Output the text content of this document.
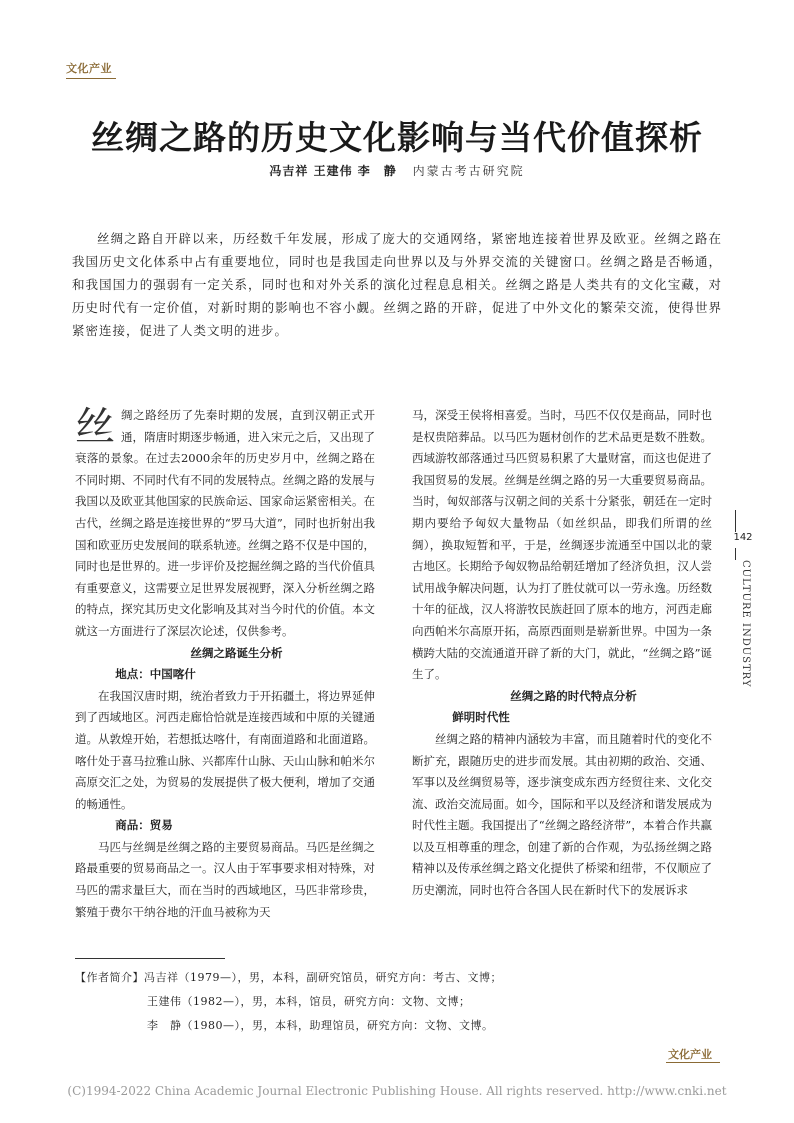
文化产业
丝绸之路的历史文化影响与当代价值探析
冯吉祥 王建伟 李　静 内蒙古考古研究院
丝绸之路自开辟以来，历经数千年发展，形成了庞大的交通网络，紧密地连接着世界及欧亚。丝绸之路在我国历史文化体系中占有重要地位，同时也是我国走向世界以及与外界交流的关键窗口。丝绸之路是否畅通，和我国国力的强弱有一定关系，同时也和对外关系的演化过程息息相关。丝绸之路是人类共有的文化宝藏，对历史时代有一定价值，对新时期的影响也不容小觑。丝绸之路的开辟，促进了中外文化的繁荣交流，使得世界紧密连接，促进了人类文明的进步。

丝 绸之路经历了先秦时期的发展，直到汉朝正式开通，隋唐时期逐步畅通，进入宋元之后，又出现了衰落的景象。在过去2000余年的历史岁月中，丝绸之路在不同时期、不同时代有不同的发展特点。丝绸之路的发展与我国以及欧亚其他国家的民族命运、国家命运紧密相关。在古代，丝绸之路是连接世界的“罗马大道”，同时也折射出我国和欧亚历史发展间的联系轨迹。丝绸之路不仅是中国的，同时也是世界的。进一步评价及挖掘丝绸之路的当代价值具有重要意义，这需要立足世界发展视野，深入分析丝绸之路的特点，探究其历史文化影响及其对当今时代的价值。本文就这一方面进行了深层次论述，仅供参考。

丝绸之路诞生分析

地点：中国喀什

在我国汉唐时期，统治者致力于开拓疆土，将边界延伸到了西域地区。河西走廊恰恰就是连接西域和中原的关键通道。从敦煌开始，若想抵达喀什，有南面道路和北面道路。喀什处于喜马拉雅山脉、兴都库什山脉、天山山脉和帕米尔高原交汇之处，为贸易的发展提供了极大便利，增加了交通的畅通性。

商品：贸易

马匹与丝绸是丝绸之路的主要贸易商品。马匹是丝绸之路最重要的贸易商品之一。汉人由于军事要求相对特殊，对马匹的需求量巨大，而在当时的西域地区，马匹非常珍贵，繁殖于费尔干纳谷地的汗血马被称为天

马，深受王侯将相喜爱。当时，马匹不仅仅是商品，同时也是权贵陪葬品。以马匹为题材创作的艺术品更是数不胜数。西域游牧部落通过马匹贸易积累了大量财富，而这也促进了我国贸易的发展。丝绸是丝绸之路的另一大重要贸易商品。当时，匈奴部落与汉朝之间的关系十分紧张，朝廷在一定时期内要给予匈奴大量物品（如丝织品，即我们所谓的丝绸），换取短暂和平，于是，丝绸逐步流通至中国以北的蒙古地区。长期给予匈奴物品给朝廷增加了经济负担，汉人尝试用战争解决问题，认为打了胜仗就可以一劳永逸。历经数十年的征战，汉人将游牧民族赶回了原本的地方，河西走廊向西帕米尔高原开拓，高原西面则是崭新世界。中国为一条横跨大陆的交流通道开辟了新的大门，就此，“丝绸之路”诞生了。

丝绸之路的时代特点分析

鲜明时代性

丝绸之路的精神内涵较为丰富，而且随着时代的变化不断扩充，跟随历史的进步而发展。其由初期的政治、交通、军事以及丝绸贸易等，逐步演变成东西方经贸往来、文化交流、政治交流局面。如今，国际和平以及经济和谐发展成为时代性主题。我国提出了“丝绸之路经济带”，本着合作共赢以及互相尊重的理念，创建了新的合作观，为弘扬丝绸之路精神以及传承丝绸之路文化提供了桥梁和纽带，不仅顺应了历史潮流，同时也符合各国人民在新时代下的发展诉求

142
CULTURE INDUSTRY
【作者简介】冯吉祥（1979—），男，本科，副研究馆员，研究方向：考古、文博；
王建伟（1982—），男，本科，馆员，研究方向：文物、文博；
李　静（1980—），男，本科，助理馆员，研究方向：文物、文博。
文化产业
(C)1994-2022 China Academic Journal Electronic Publishing House. All rights reserved. http://www.cnki.net
